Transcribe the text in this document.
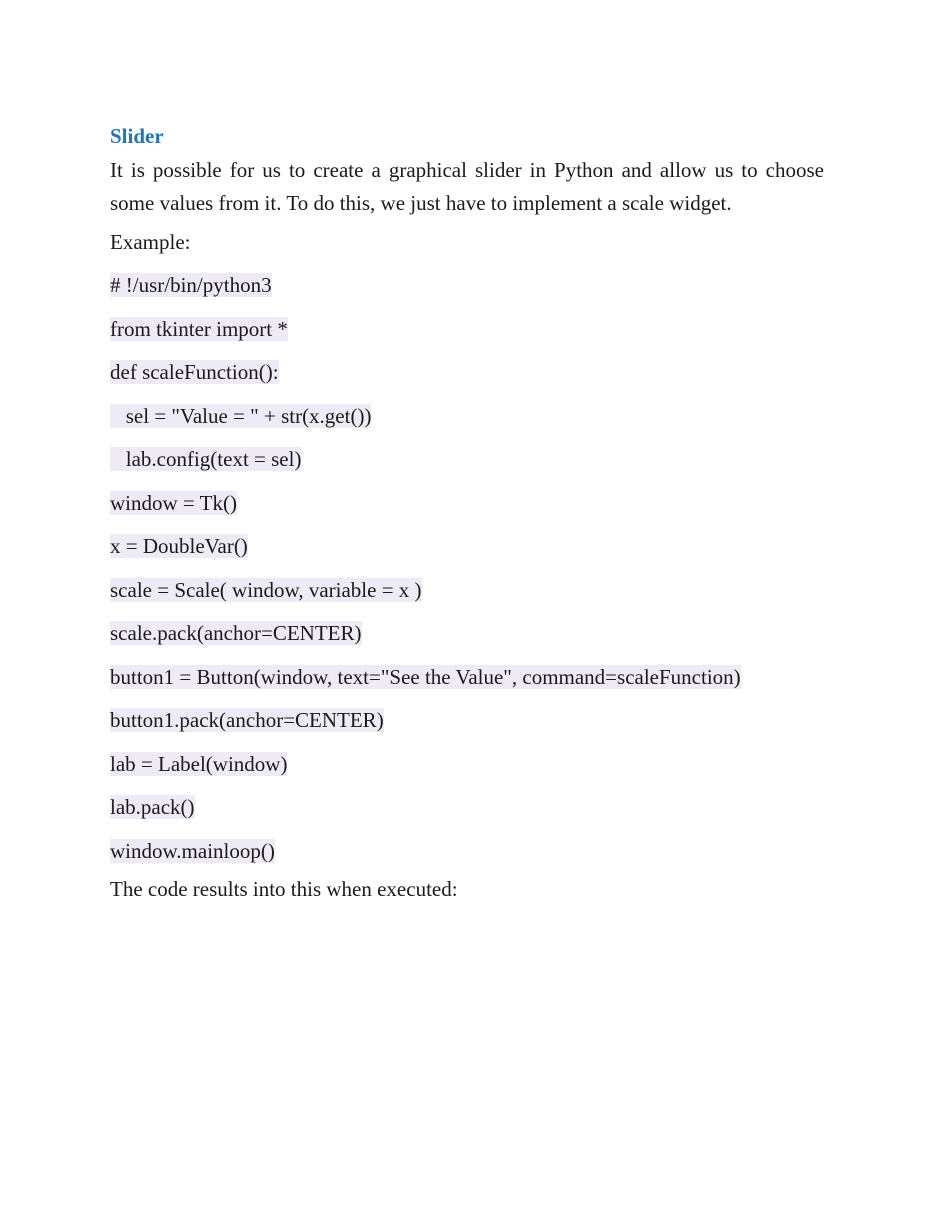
Slider

It is possible for us to create a graphical slider in Python and allow us to choose some values from it. To do this, we just have to implement a scale widget.

Example:
# !/usr/bin/python3
from tkinter import *
def scaleFunction():
sel = "Value = " + str(x.get())
lab.config(text = sel)
window = Tk()
x = DoubleVar()
scale = Scale( window, variable = x )
scale.pack(anchor=CENTER)
button1 = Button(window, text="See the Value", command=scaleFunction)
button1.pack(anchor=CENTER)
lab = Label(window)
lab.pack()
window.mainloop()
The code results into this when executed:
